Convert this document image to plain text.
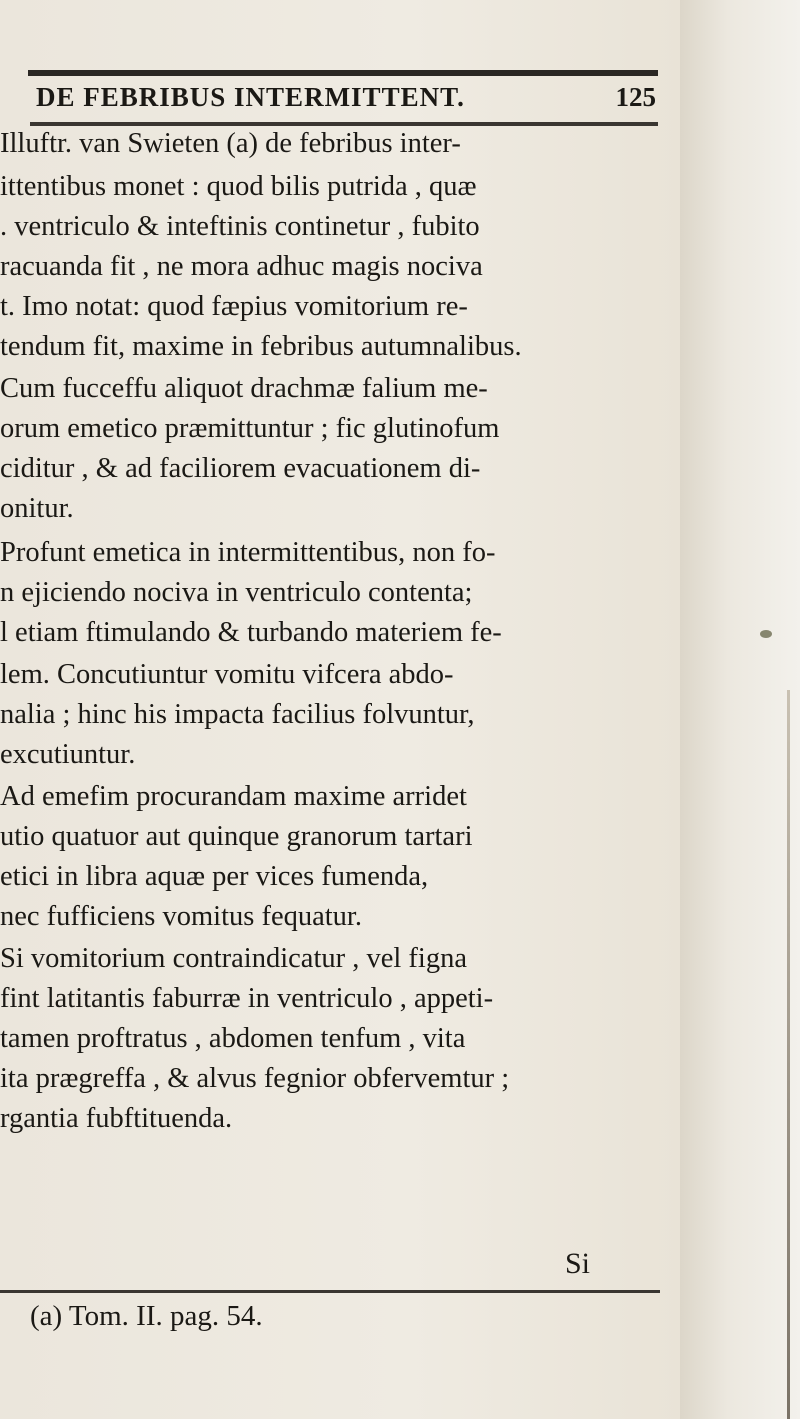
DE FEBRIBUS INTERMITTENT.	125
Illuftr. van Swieten (a) de febribus inter-
ittentibus monet : quod bilis putrida , quæ
. ventriculo & inteftinis continetur , fubito
racuanda fit , ne mora adhuc magis nociva
t. Imo notat: quod fæpius vomitorium re-
tendum fit, maxime in febribus autumnalibus.
Cum fucceffu aliquot drachmæ falium me-
orum emetico præmittuntur ; fic glutinofum
ciditur , & ad faciliorem evacuationem di-
onitur.
Profunt emetica in intermittentibus, non fo-
n ejiciendo nociva in ventriculo contenta;
l etiam ftimulando & turbando materiem fe-
lem. Concutiuntur vomitu vifcera abdo-
nalia ; hinc his impacta facilius folvuntur,
excutiuntur.
Ad emefim procurandam maxime arridet
utio quatuor aut quinque granorum tartari
etici in libra aquæ per vices fumenda,
nec fufficiens vomitus fequatur.
Si vomitorium contraindicatur , vel figna
fint latitantis faburræ in ventriculo , appeti-
tamen proftratus , abdomen tenfum , vita
ita prægreffa , & alvus fegnior obfervemtur ;
rgantia fubftituenda.
Si
(a) Tom. II. pag. 54.
